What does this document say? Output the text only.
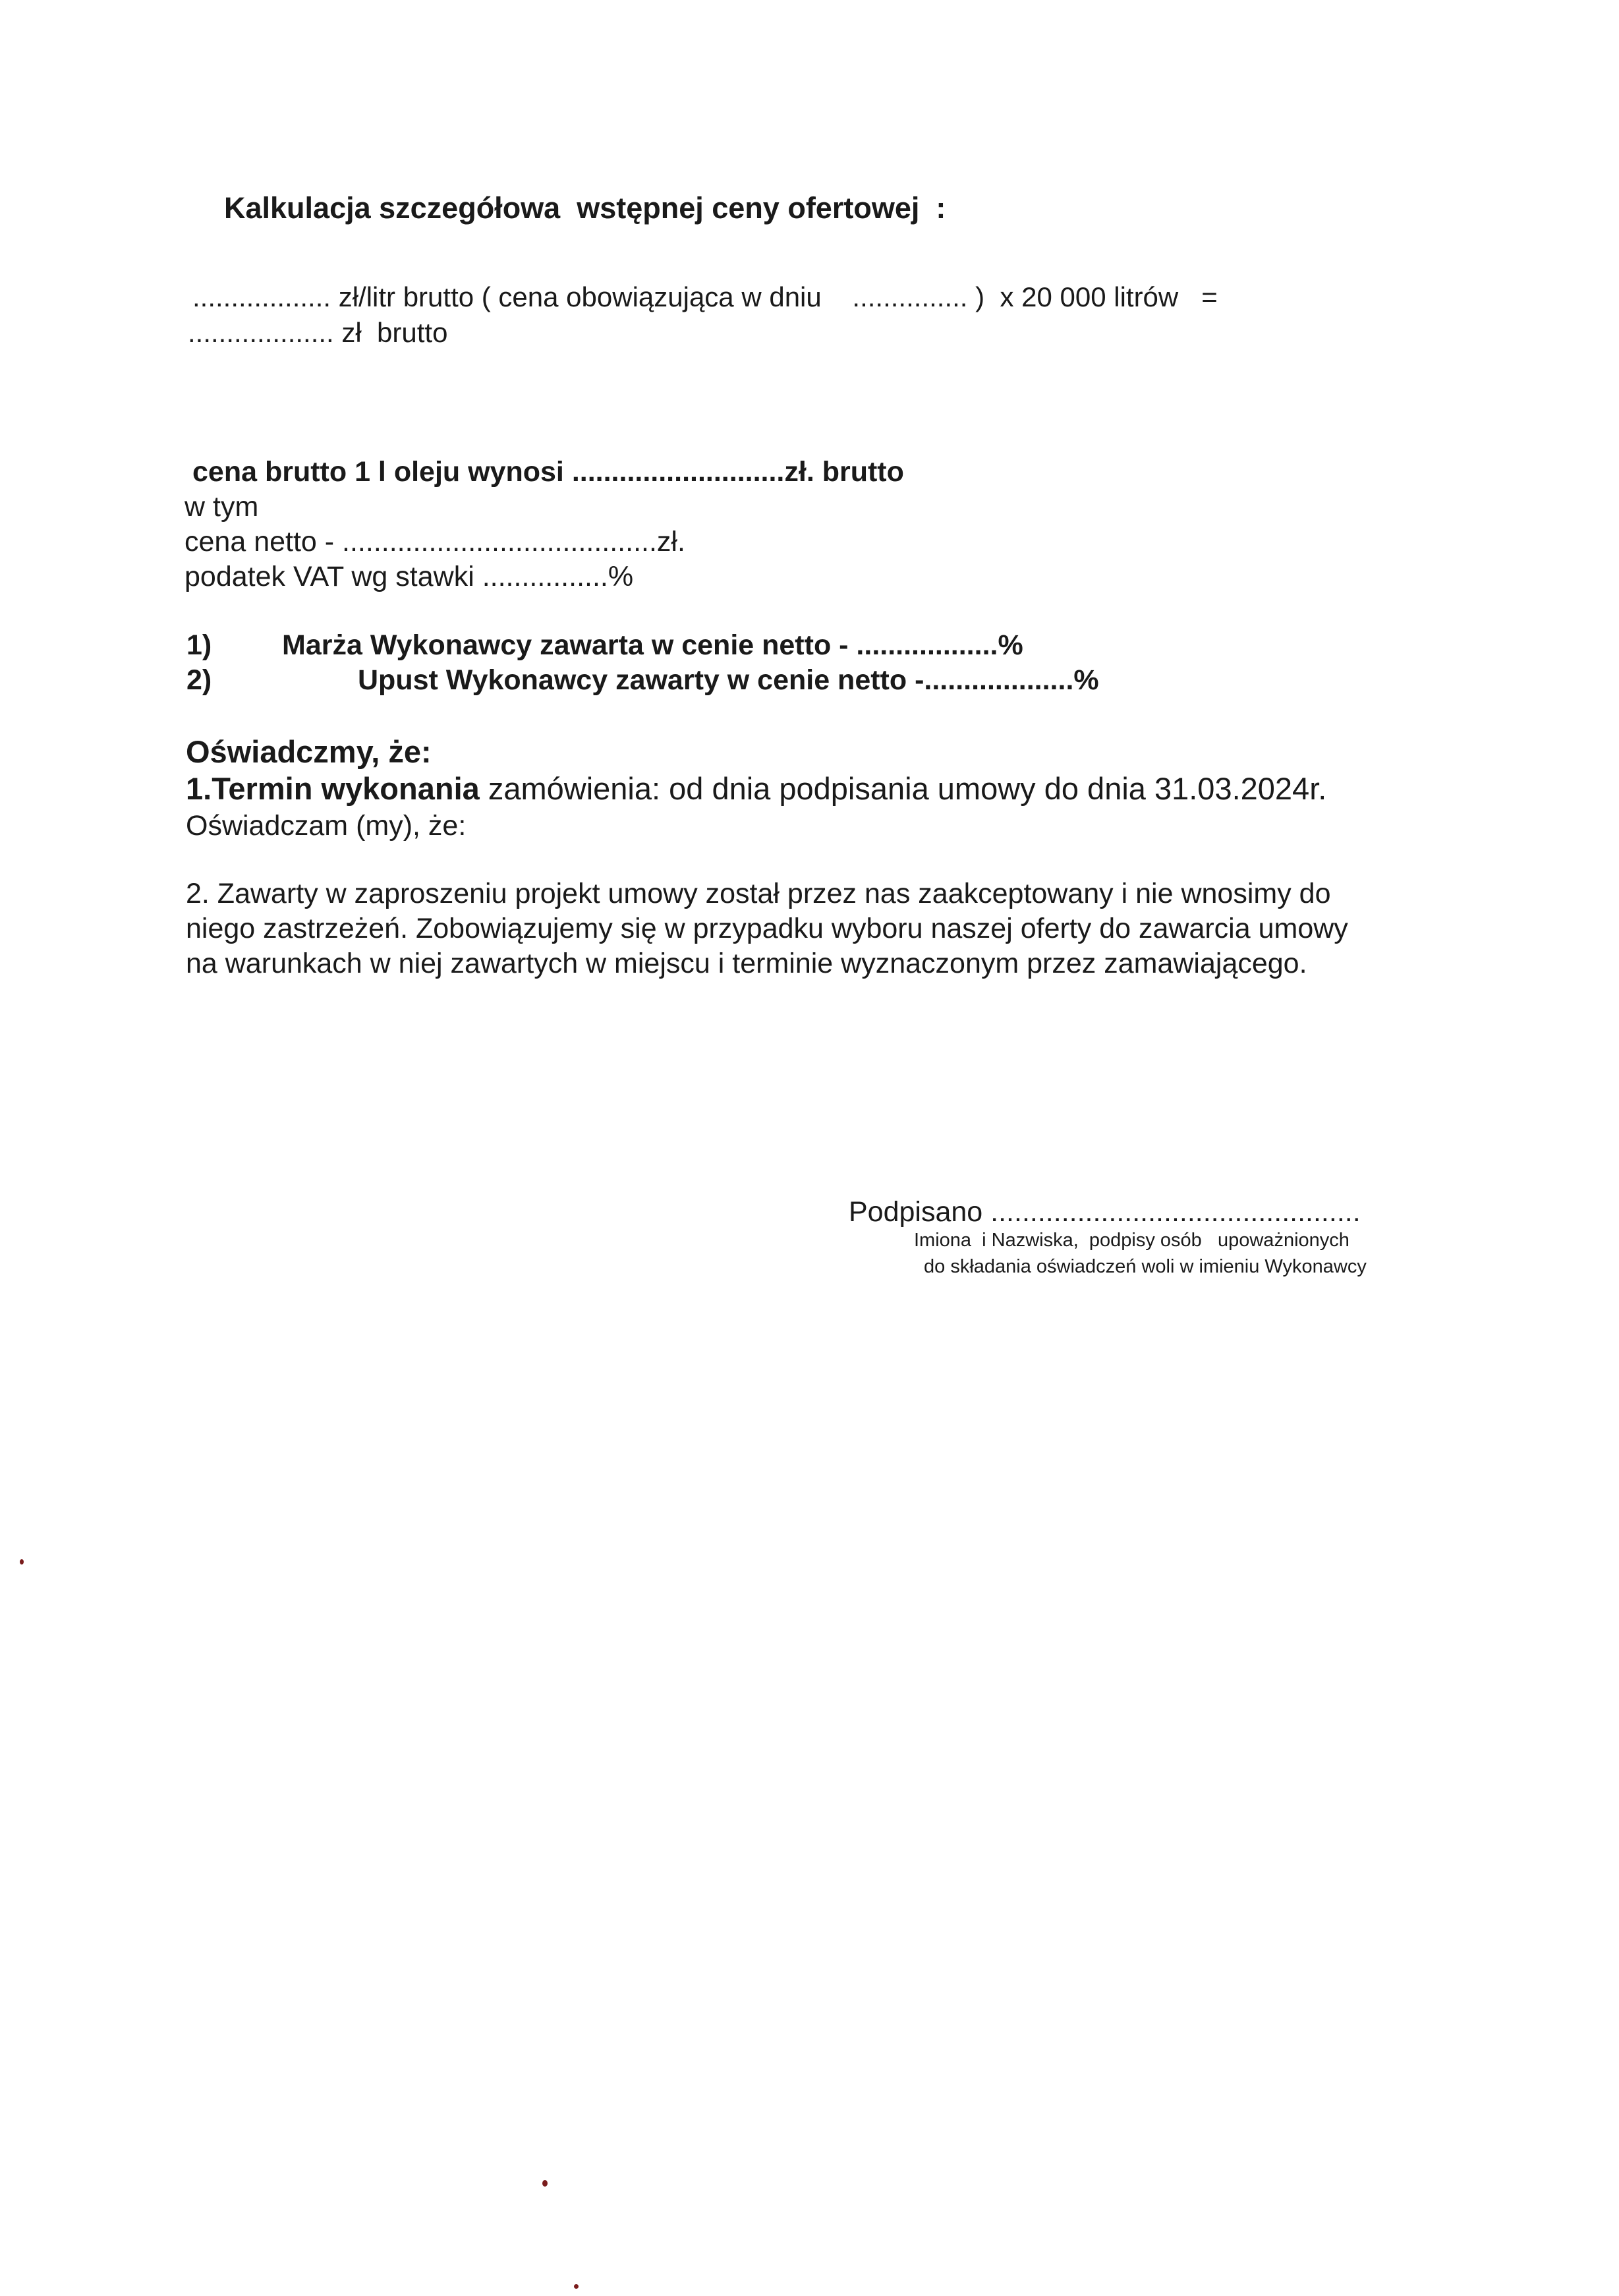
Kalkulacja szczegółowa  wstępnej ceny ofertowej  :
.................. zł/litr brutto ( cena obowiązująca w dniu    ............... )  x 20 000 litrów   =
................... zł  brutto
cena brutto 1 l oleju wynosi ...........................zł. brutto
w tym
cena netto - ........................................zł.
podatek VAT wg stawki ................%
1) Marża Wykonawcy zawarta w cenie netto - ..................%
2)	Upust Wykonawcy zawarty w cenie netto -...................%
Oświadczmy, że:
1.Termin wykonania zamówienia: od dnia podpisania umowy do dnia 31.03.2024r.
Oświadczam (my), że:
2. Zawarty w zaproszeniu projekt umowy został przez nas zaakceptowany i nie wnosimy do
niego zastrzeżeń. Zobowiązujemy się w przypadku wyboru naszej oferty do zawarcia umowy
na warunkach w niej zawartych w miejscu i terminie wyznaczonym przez zamawiającego.
Podpisano ...............................................
Imiona  i Nazwiska,  podpisy osób   upoważnionych
do składania oświadczeń woli w imieniu Wykonawcy
